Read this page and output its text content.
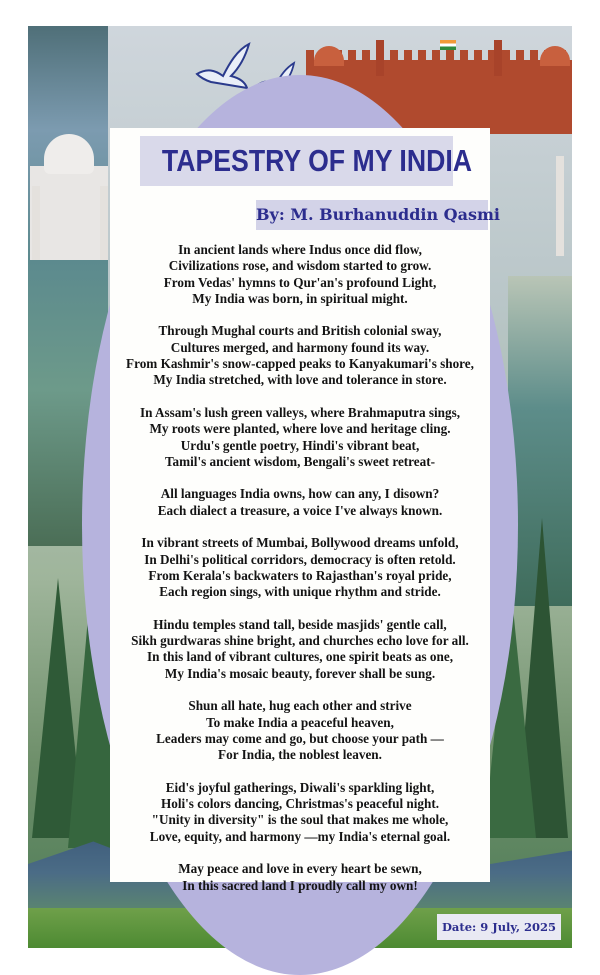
TAPESTRY OF MY INDIA
By: M. Burhanuddin Qasmi
In ancient lands where Indus once did flow,
Civilizations rose, and wisdom started to grow.
From Vedas' hymns to Qur'an's profound Light,
My India was born, in spiritual might.
Through Mughal courts and British colonial sway,
Cultures merged, and harmony found its way.
From Kashmir's snow-capped peaks to Kanyakumari's shore,
My India stretched, with love and tolerance in store.
In Assam's lush green valleys, where Brahmaputra sings,
My roots were planted, where love and heritage cling.
Urdu's gentle poetry, Hindi's vibrant beat,
Tamil's ancient wisdom, Bengali's sweet retreat-
All languages India owns, how can any, I disown?
Each dialect a treasure, a voice I've always known.
In vibrant streets of Mumbai, Bollywood dreams unfold,
In Delhi's political corridors, democracy is often retold.
From Kerala's backwaters to Rajasthan's royal pride,
Each region sings, with unique rhythm and stride.
Hindu temples stand tall, beside masjids' gentle call,
Sikh gurdwaras shine bright, and churches echo love for all.
In this land of vibrant cultures, one spirit beats as one,
My India's mosaic beauty, forever shall be sung.
Shun all hate, hug each other and strive
To make India a peaceful heaven,
Leaders may come and go, but choose your path —
For India, the noblest leaven.
Eid's joyful gatherings, Diwali's sparkling light,
Holi's colors dancing, Christmas's peaceful night.
"Unity in diversity" is the soul that makes me whole,
Love, equity, and harmony —my India's eternal goal.
May peace and love in every heart be sewn,
In this sacred land I proudly call my own!
Date: 9 July, 2025
